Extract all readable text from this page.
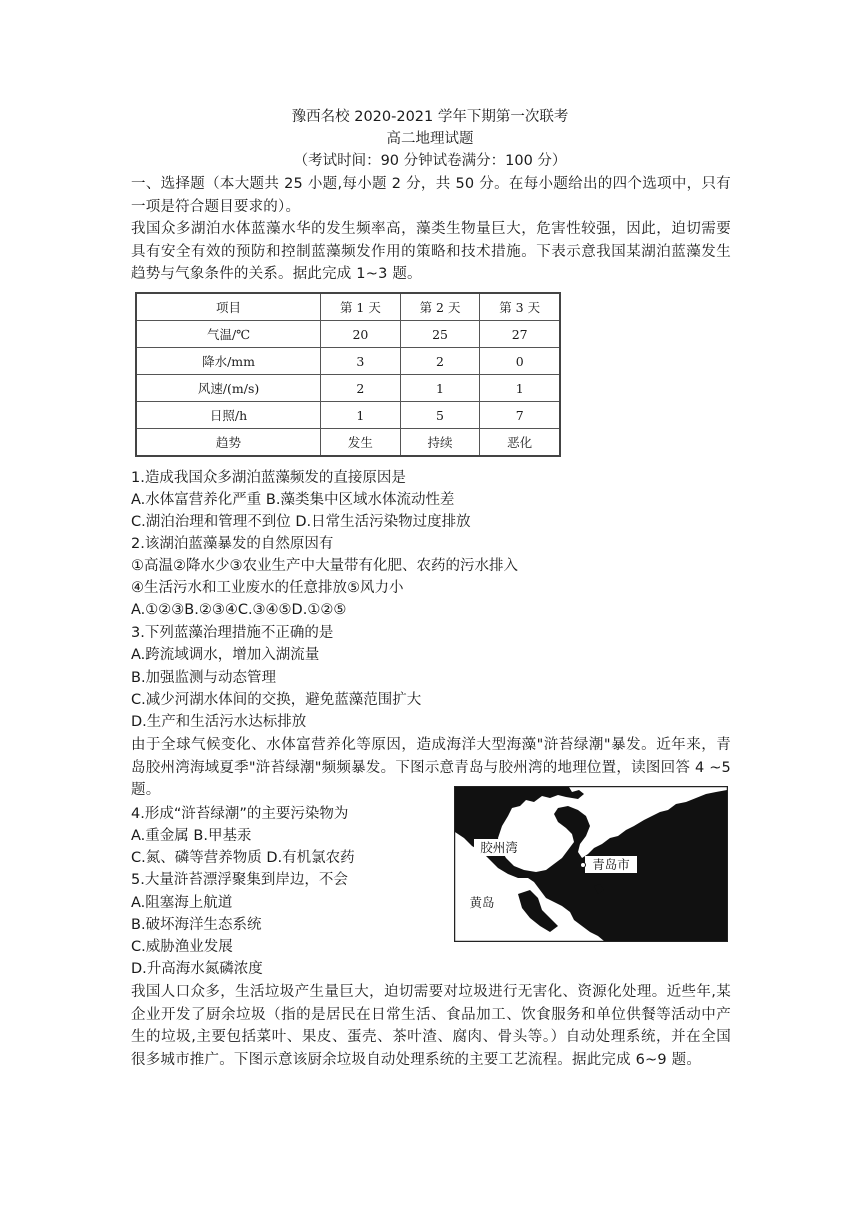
豫西名校 2020-2021 学年下期第一次联考
高二地理试题
（考试时间：90 分钟试卷满分：100 分）
一、选择题（本大题共 25 小题,每小题 2 分，共 50 分。在每小题给出的四个选项中，只有一项是符合题目要求的）。
我国众多湖泊水体蓝藻水华的发生频率高，藻类生物量巨大，危害性较强，因此，迫切需要具有安全有效的预防和控制蓝藻频发作用的策略和技术措施。下表示意我国某湖泊蓝藻发生趋势与气象条件的关系。据此完成 1~3 题。
项目	第 1 天	第 2 天	第 3 天
气温/℃	20	25	27
降水/mm	3	2	0
风速/(m/s)	2	1	1
日照/h	1	5	7
趋势	发生	持续	恶化
1.造成我国众多湖泊蓝藻频发的直接原因是
A.水体富营养化严重 B.藻类集中区域水体流动性差
C.湖泊治理和管理不到位 D.日常生活污染物过度排放
2.该湖泊蓝藻暴发的自然原因有
①高温②降水少③农业生产中大量带有化肥、农药的污水排入
④生活污水和工业废水的任意排放⑤风力小
A.①②③B.②③④C.③④⑤D.①②⑤
3.下列蓝藻治理措施不正确的是
A.跨流域调水，增加入湖流量
B.加强监测与动态管理
C.减少河湖水体间的交换，避免蓝藻范围扩大
D.生产和生活污水达标排放
由于全球气候变化、水体富营养化等原因，造成海洋大型海藻"浒苔绿潮"暴发。近年来，青岛胶州湾海域夏季"浒苔绿潮"频频暴发。下图示意青岛与胶州湾的地理位置，读图回答 4 ~5 题。
4.形成“浒苔绿潮”的主要污染物为
A.重金属 B.甲基汞
C.氮、磷等营养物质 D.有机氯农药
5.大量浒苔漂浮聚集到岸边，不会
A.阻塞海上航道
B.破坏海洋生态系统
C.威胁渔业发展
D.升高海水氮磷浓度
我国人口众多，生活垃圾产生量巨大，迫切需要对垃圾进行无害化、资源化处理。近些年,某企业开发了厨余垃圾（指的是居民在日常生活、食品加工、饮食服务和单位供餐等活动中产生的垃圾,主要包括菜叶、果皮、蛋壳、茶叶渣、腐肉、骨头等。）自动处理系统，并在全国很多城市推广。下图示意该厨余垃圾自动处理系统的主要工艺流程。据此完成 6~9 题。
胶州湾
青岛市
黄岛
